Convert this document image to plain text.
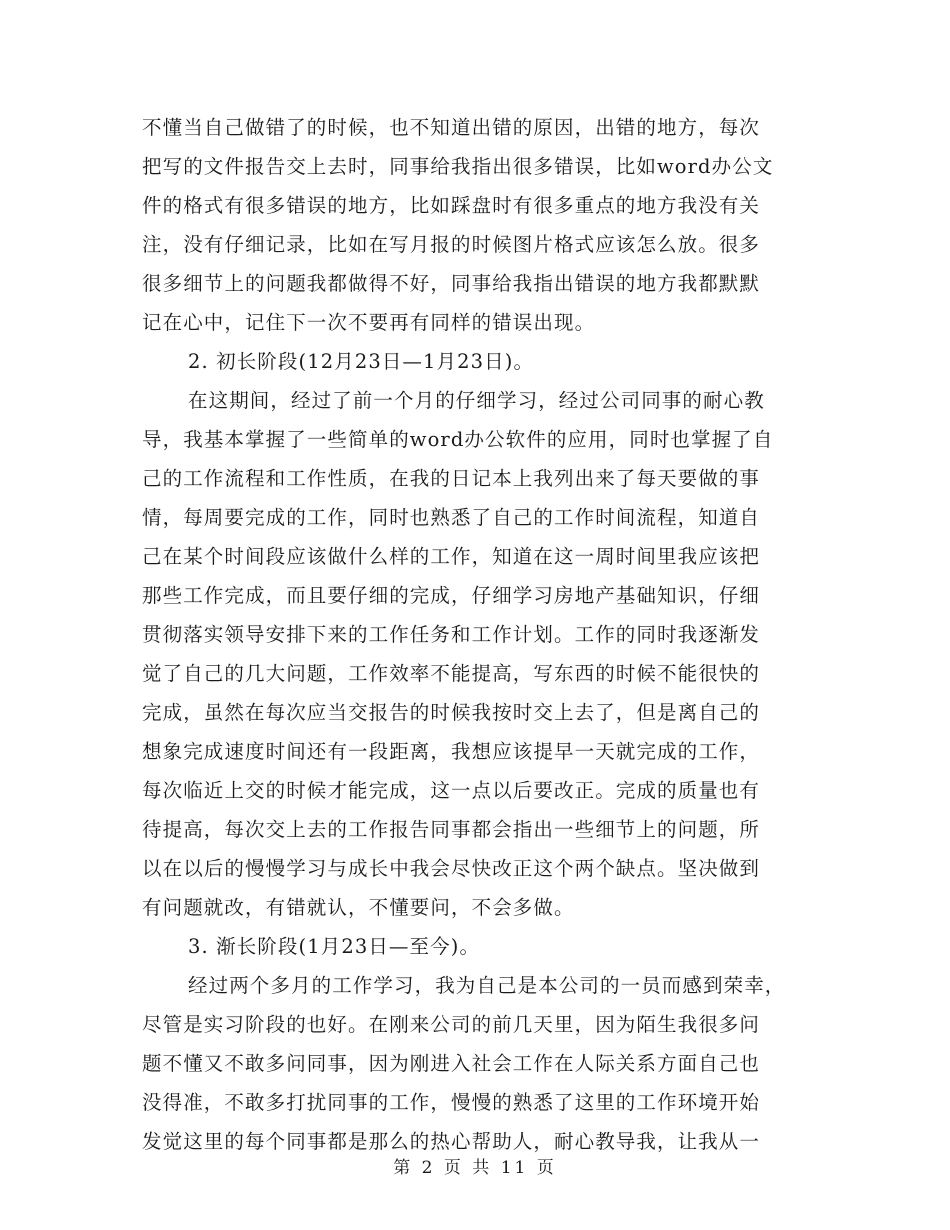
不懂当自己做错了的时候，也不知道出错的原因，出错的地方，每次
把写的文件报告交上去时，同事给我指出很多错误，比如word办公文
件的格式有很多错误的地方，比如踩盘时有很多重点的地方我没有关
注，没有仔细记录，比如在写月报的时候图片格式应该怎么放。很多
很多细节上的问题我都做得不好，同事给我指出错误的地方我都默默
记在心中，记住下一次不要再有同样的错误出现。
2. 初长阶段(12月23日—1月23日)。
在这期间，经过了前一个月的仔细学习，经过公司同事的耐心教
导，我基本掌握了一些简单的word办公软件的应用，同时也掌握了自
己的工作流程和工作性质，在我的日记本上我列出来了每天要做的事
情，每周要完成的工作，同时也熟悉了自己的工作时间流程，知道自
己在某个时间段应该做什么样的工作，知道在这一周时间里我应该把
那些工作完成，而且要仔细的完成，仔细学习房地产基础知识，仔细
贯彻落实领导安排下来的工作任务和工作计划。工作的同时我逐渐发
觉了自己的几大问题，工作效率不能提高，写东西的时候不能很快的
完成，虽然在每次应当交报告的时候我按时交上去了，但是离自己的
想象完成速度时间还有一段距离，我想应该提早一天就完成的工作，
每次临近上交的时候才能完成，这一点以后要改正。完成的质量也有
待提高，每次交上去的工作报告同事都会指出一些细节上的问题，所
以在以后的慢慢学习与成长中我会尽快改正这个两个缺点。坚决做到
有问题就改，有错就认，不懂要问，不会多做。
3. 渐长阶段(1月23日—至今)。
经过两个多月的工作学习，我为自己是本公司的一员而感到荣幸，
尽管是实习阶段的也好。在刚来公司的前几天里，因为陌生我很多问
题不懂又不敢多问同事，因为刚进入社会工作在人际关系方面自己也
没得准，不敢多打扰同事的工作，慢慢的熟悉了这里的工作环境开始
发觉这里的每个同事都是那么的热心帮助人，耐心教导我，让我从一
第 2 页 共 11 页
